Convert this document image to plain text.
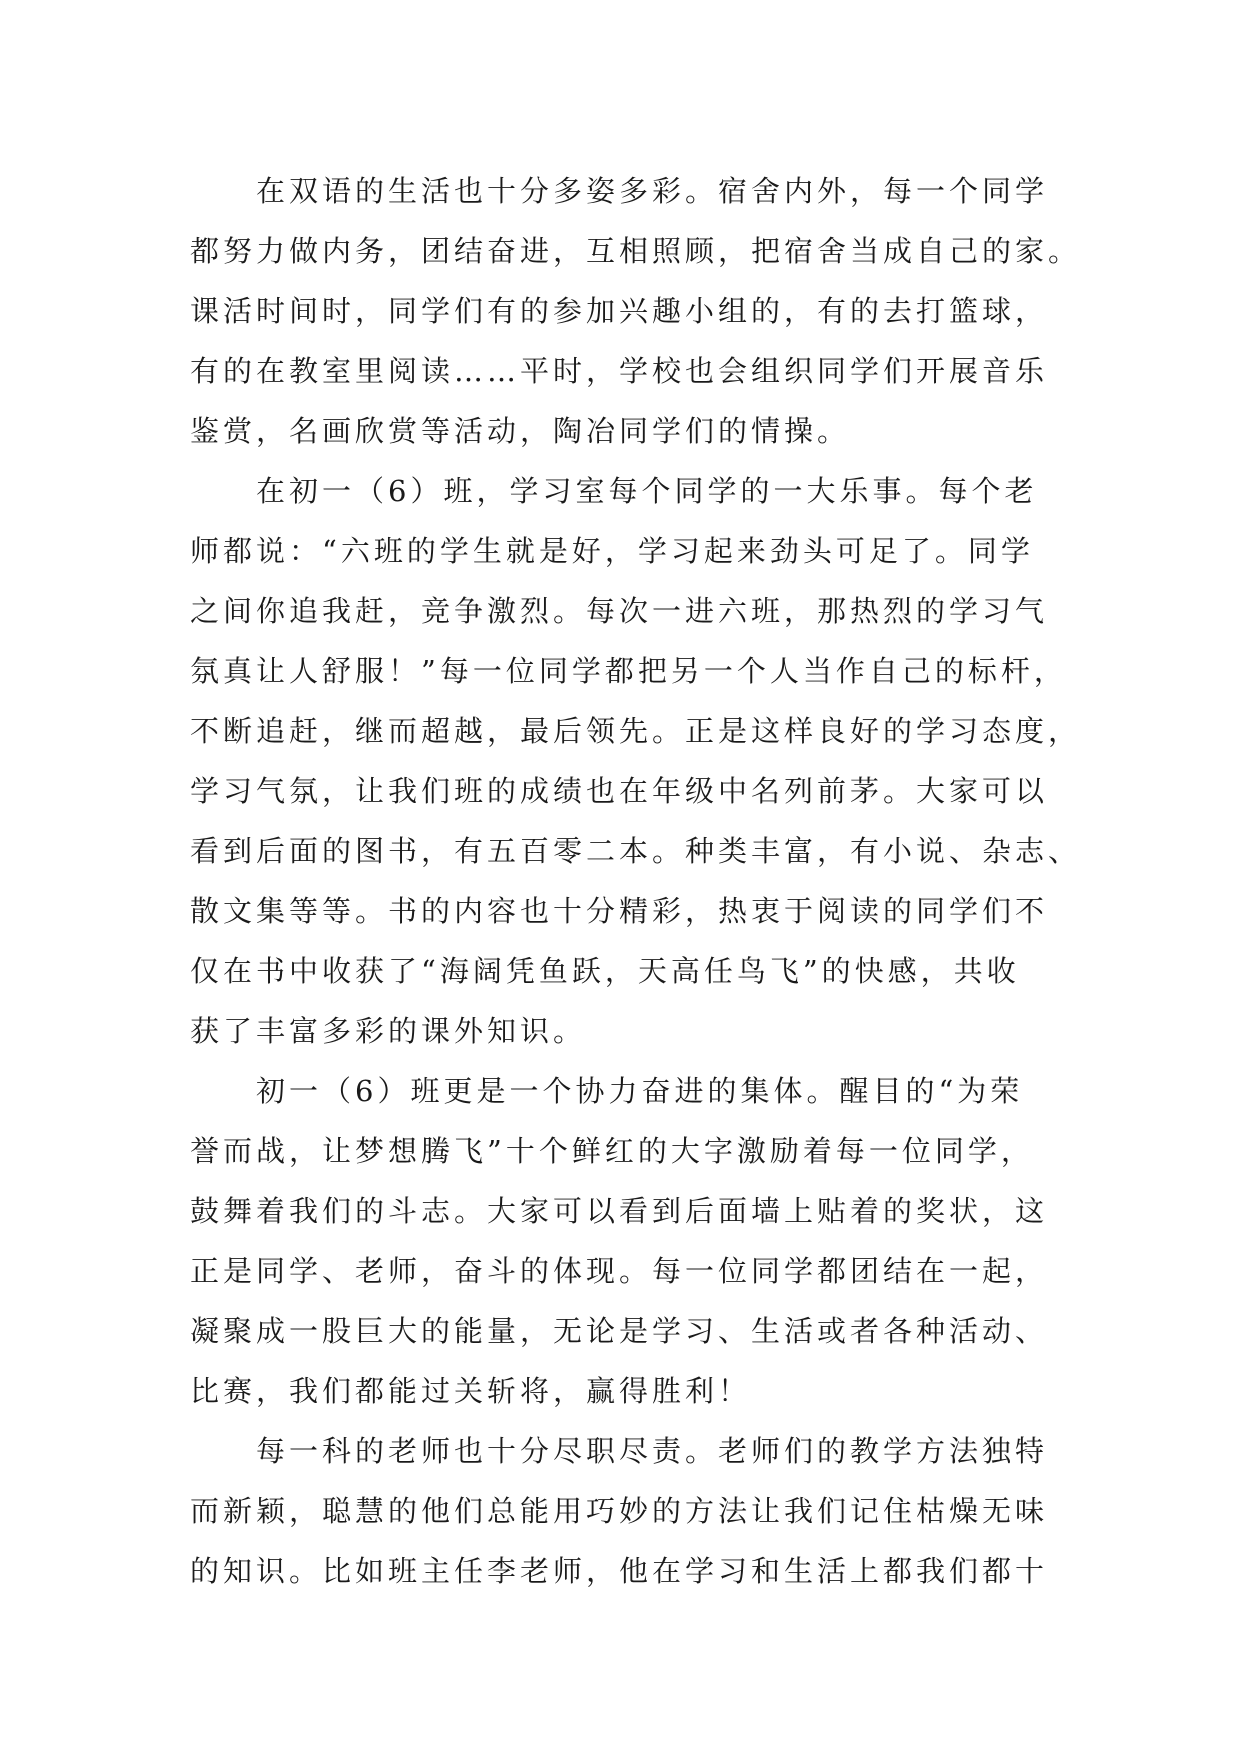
在双语的生活也十分多姿多彩。宿舍内外，每一个同学
都努力做内务，团结奋进，互相照顾，把宿舍当成自己的家。
课活时间时，同学们有的参加兴趣小组的，有的去打篮球，
有的在教室里阅读……平时，学校也会组织同学们开展音乐
鉴赏，名画欣赏等活动，陶冶同学们的情操。
在初一（6）班，学习室每个同学的一大乐事。每个老
师都说：“六班的学生就是好，学习起来劲头可足了。同学
之间你追我赶，竞争激烈。每次一进六班，那热烈的学习气
氛真让人舒服！”每一位同学都把另一个人当作自己的标杆，
不断追赶，继而超越，最后领先。正是这样良好的学习态度，
学习气氛，让我们班的成绩也在年级中名列前茅。大家可以
看到后面的图书，有五百零二本。种类丰富，有小说、杂志、
散文集等等。书的内容也十分精彩，热衷于阅读的同学们不
仅在书中收获了“海阔凭鱼跃，天高任鸟飞”的快感，共收
获了丰富多彩的课外知识。
初一（6）班更是一个协力奋进的集体。醒目的“为荣
誉而战，让梦想腾飞”十个鲜红的大字激励着每一位同学，
鼓舞着我们的斗志。大家可以看到后面墙上贴着的奖状，这
正是同学、老师，奋斗的体现。每一位同学都团结在一起，
凝聚成一股巨大的能量，无论是学习、生活或者各种活动、
比赛，我们都能过关斩将，赢得胜利！
每一科的老师也十分尽职尽责。老师们的教学方法独特
而新颖，聪慧的他们总能用巧妙的方法让我们记住枯燥无味
的知识。比如班主任李老师，他在学习和生活上都我们都十
